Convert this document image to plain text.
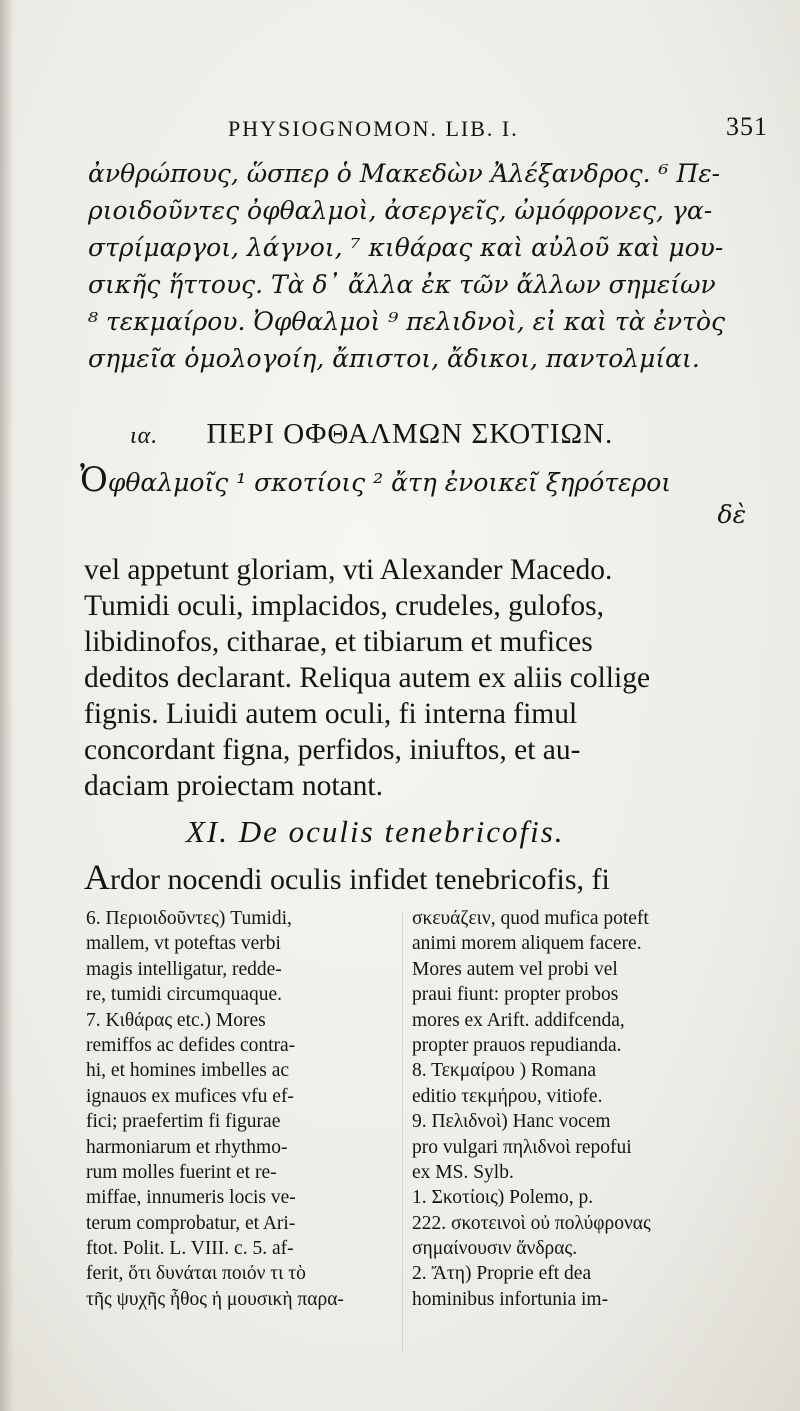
PHYSIOGNOMON. LIB. I.	351
ἀνθρώπους, ὥσπερ ὁ Μακεδὼν Ἀλέξανδρος. ⁶ Πε-
ριοιδοῦντες ὀφθαλμοὶ, ἀσεργεῖς, ὠμόφρονες, γα-
στρίμαργοι, λάγνοι, ⁷ κιθάρας καὶ αὐλοῦ καὶ μου-
σικῆς ἥττους. Τὰ δ᾽ ἄλλα ἐκ τῶν ἄλλων σημείων
⁸ τεκμαίρου. Ὀφθαλμοὶ ⁹ πελιδνοὶ, εἰ καὶ τὰ ἐντὸς
σημεῖα ὁμολογοίη, ἄπιστοι, ἄδικοι, παντολμίαι.
ια. ΠΕΡΙ ΟΦΘΑΛΜΩΝ ΣΚΟΤΙΩΝ.
Ὀφθαλμοῖς ¹ σκοτίοις ² ἄτη ἐνοικεῖ ξηρότεροι
δὲ
vel appetunt gloriam, vti Alexander Macedo.
Tumidi oculi, implacidos, crudeles, gulofos,
libidinofos, citharae, et tibiarum et mufices
deditos declarant. Reliqua autem ex aliis collige
fignis. Liuidi autem oculi, fi interna fimul
concordant figna, perfidos, iniuftos, et au-
daciam proiectam notant.
XI. De oculis tenebricofis.
Ardor nocendi oculis infidet tenebricofis, fi
6. Περιοιδοῦντες) Tumidi,
mallem, vt poteftas verbi
magis intelligatur, redde-
re, tumidi circumquaque.
7. Κιθάρας etc.) Mores
remiffos ac defides contra-
hi, et homines imbelles ac
ignauos ex mufices vfu ef-
fici; praefertim fi figurae
harmoniarum et rhythmo-
rum molles fuerint et re-
miffae, innumeris locis ve-
terum comprobatur, et Ari-
ftot. Polit. L. VIII. c. 5. af-
ferit, ὅτι δυνάται ποιόν τι τὸ
τῆς ψυχῆς ἦθος ἡ μουσικὴ παρα-
σκευάζειν, quod mufica poteft
animi morem aliquem facere.
Mores autem vel probi vel
praui fiunt: propter probos
mores ex Arift. addifcenda,
propter prauos repudianda.
8. Τεκμαίρου ) Romana
editio τεκμήρου, vitiofe.
9. Πελιδνοὶ) Hanc vocem
pro vulgari πηλιδνοὶ repofui
ex MS. Sylb.
1. Σκοτίοις) Polemo, p.
222. σκοτεινοὶ οὐ πολύφρονας
σημαίνουσιν ἄνδρας.
2. Ἄτη) Proprie eft dea
hominibus infortunia im-
